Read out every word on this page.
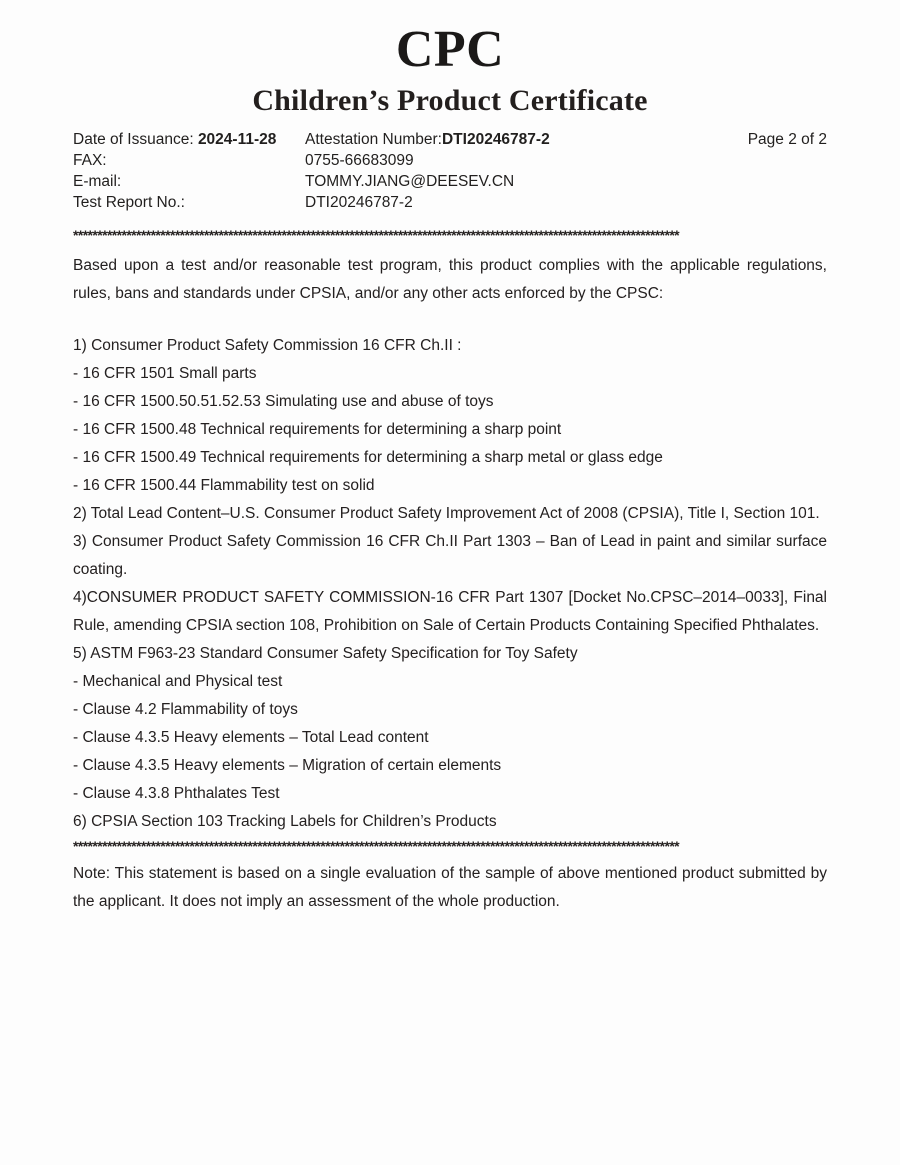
CPC
Children’s Product Certificate
Date of Issuance: 2024-11-28 Attestation Number:DTI20246787-2	Page 2 of 2
FAX:	0755-66683099
E-mail:	TOMMY.JIANG@DEESEV.CN
Test Report No.:	DTI20246787-2
*****************************************************************************************************************************

Based upon a test and/or reasonable test program, this product complies with the applicable regulations, rules, bans and standards under CPSIA, and/or any other acts enforced by the CPSC:

1) Consumer Product Safety Commission 16 CFR Ch.II :

- 16 CFR 1501 Small parts

- 16 CFR 1500.50.51.52.53 Simulating use and abuse of toys

- 16 CFR 1500.48 Technical requirements for determining a sharp point

- 16 CFR 1500.49 Technical requirements for determining a sharp metal or glass edge

- 16 CFR 1500.44 Flammability test on solid

2) Total Lead Content–U.S. Consumer Product Safety Improvement Act of 2008 (CPSIA), Title I, Section 101.

3) Consumer Product Safety Commission 16 CFR Ch.II Part 1303 – Ban of Lead in paint and similar surface coating.

4)CONSUMER PRODUCT SAFETY COMMISSION-16 CFR Part 1307 [Docket No.CPSC–2014–0033], Final Rule, amending CPSIA section 108, Prohibition on Sale of Certain Products Containing Specified Phthalates.

5) ASTM F963-23 Standard Consumer Safety Specification for Toy Safety

- Mechanical and Physical test

- Clause 4.2 Flammability of toys

- Clause 4.3.5 Heavy elements – Total Lead content

- Clause 4.3.5 Heavy elements – Migration of certain elements

- Clause 4.3.8 Phthalates Test

6) CPSIA Section 103 Tracking Labels for Children’s Products

*****************************************************************************************************************************

Note: This statement is based on a single evaluation of the sample of above mentioned product submitted by the applicant. It does not imply an assessment of the whole production.
